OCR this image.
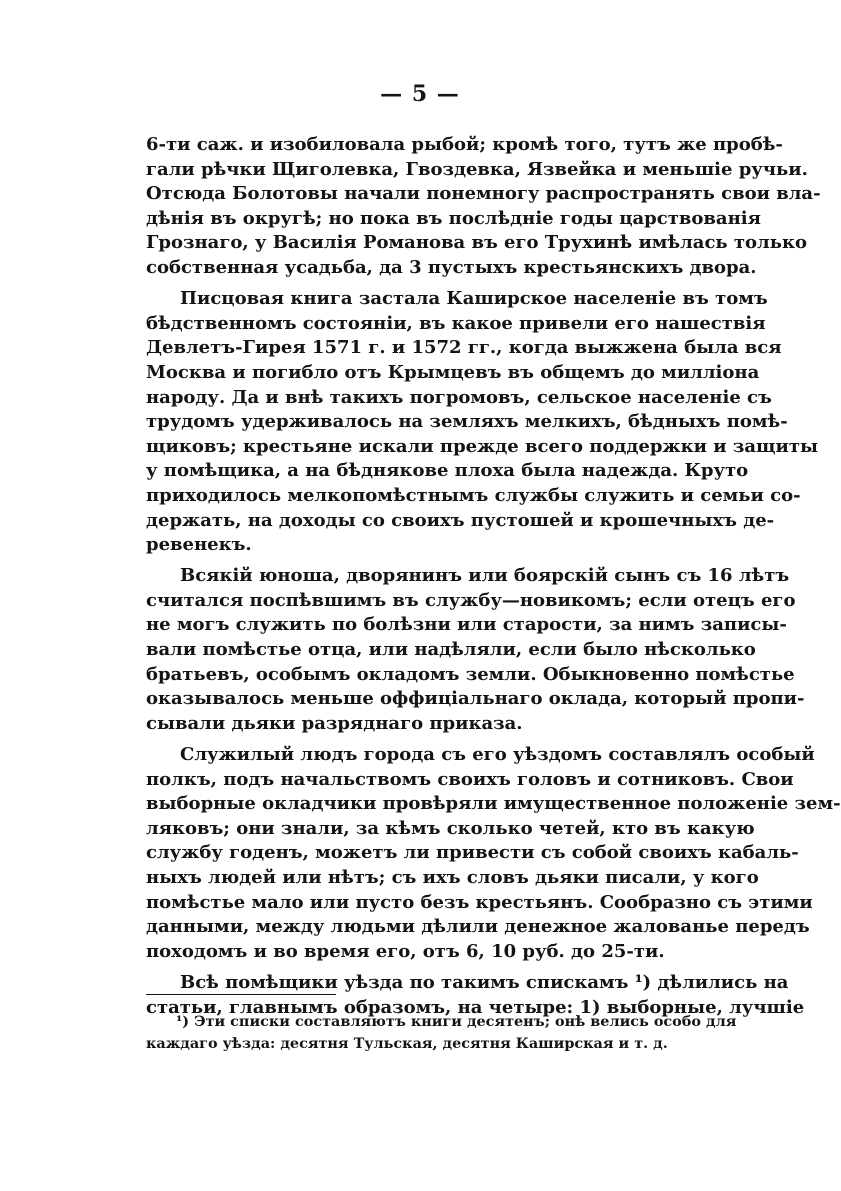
— 5 —
6-ти саж. и изобиловала рыбой; кромѣ того, тутъ же пробѣ-
гали рѣчки Щиголевка, Гвоздевка, Язвейка и меньшіе ручьи.
Отсюда Болотовы начали понемногу распространять свои вла-
дѣнія въ округѣ; но пока въ послѣдніе годы царствованія
Грознаго, у Василія Романова въ его Трухинѣ имѣлась только
собственная усадьба, да 3 пустыхъ крестьянскихъ двора.
Писцовая книга застала Каширское населеніе въ томъ
бѣдственномъ состояніи, въ какое привели его нашествія
Девлетъ-Гирея 1571 г. и 1572 гг., когда выжжена была вся
Москва и погибло отъ Крымцевъ въ общемъ до милліона
народу. Да и внѣ такихъ погромовъ, сельское населеніе съ
трудомъ удерживалось на земляхъ мелкихъ, бѣдныхъ помѣ-
щиковъ; крестьяне искали прежде всего поддержки и защиты
у помѣщика, а на бѣднякове плоха была надежда. Круто
приходилось мелкопомѣстнымъ службы служить и семьи со-
держать, на доходы со своихъ пустошей и крошечныхъ де-
ревенекъ.
Всякій юноша, дворянинъ или боярскій сынъ съ 16 лѣтъ
считался поспѣвшимъ въ службу—новикомъ; если отецъ его
не могъ служить по болѣзни или старости, за нимъ записы-
вали помѣстье отца, или надѣляли, если было нѣсколько
братьевъ, особымъ окладомъ земли. Обыкновенно помѣстье
оказывалось меньше оффиціальнаго оклада, который пропи-
сывали дьяки разряднаго приказа.
Служилый людъ города съ его уѣздомъ составлялъ особый
полкъ, подъ начальствомъ своихъ головъ и сотниковъ. Свои
выборные окладчики провѣряли имущественное положеніе зем-
ляковъ; они знали, за кѣмъ сколько четей, кто въ какую
службу годенъ, можетъ ли привести съ собой своихъ кабаль-
ныхъ людей или нѣтъ; съ ихъ словъ дьяки писали, у кого
помѣстье мало или пусто безъ крестьянъ. Сообразно съ этими
данными, между людьми дѣлили денежное жалованье передъ
походомъ и во время его, отъ 6, 10 руб. до 25-ти.
Всѣ помѣщики уѣзда по такимъ спискамъ ¹) дѣлились на
статьи, главнымъ образомъ, на четыре: 1) выборные, лучшіе
¹) Эти списки составляютъ книги десятенъ; онѣ велись особо для
каждаго уѣзда: десятня Тульская, десятня Каширская и т. д.
